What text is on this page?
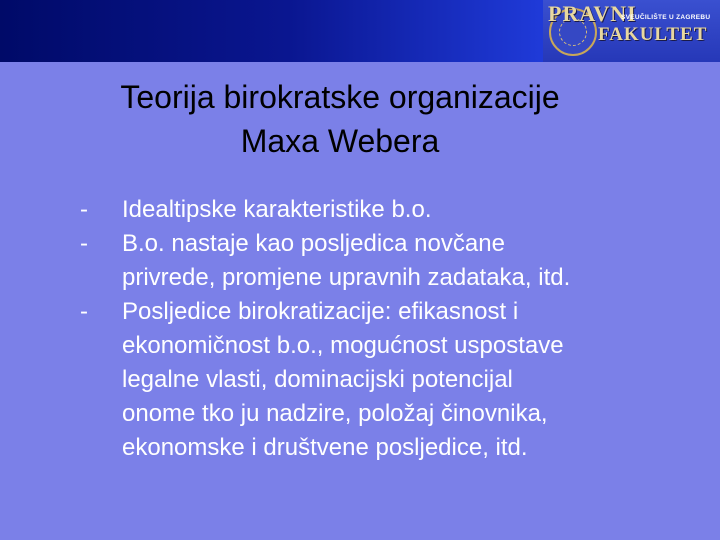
PRAVNI
SVEUČILIŠTE U ZAGREBU
FAKULTET
Teorija birokratske organizacije
Maxa Webera
- Idealtipske karakteristike b.o.
- B.o. nastaje kao posljedica novčane
privrede, promjene upravnih zadataka, itd.
- Posljedice birokratizacije: efikasnost i
ekonomičnost b.o., mogućnost uspostave
legalne vlasti, dominacijski potencijal
onome tko ju nadzire, položaj činovnika,
ekonomske i društvene posljedice, itd.
